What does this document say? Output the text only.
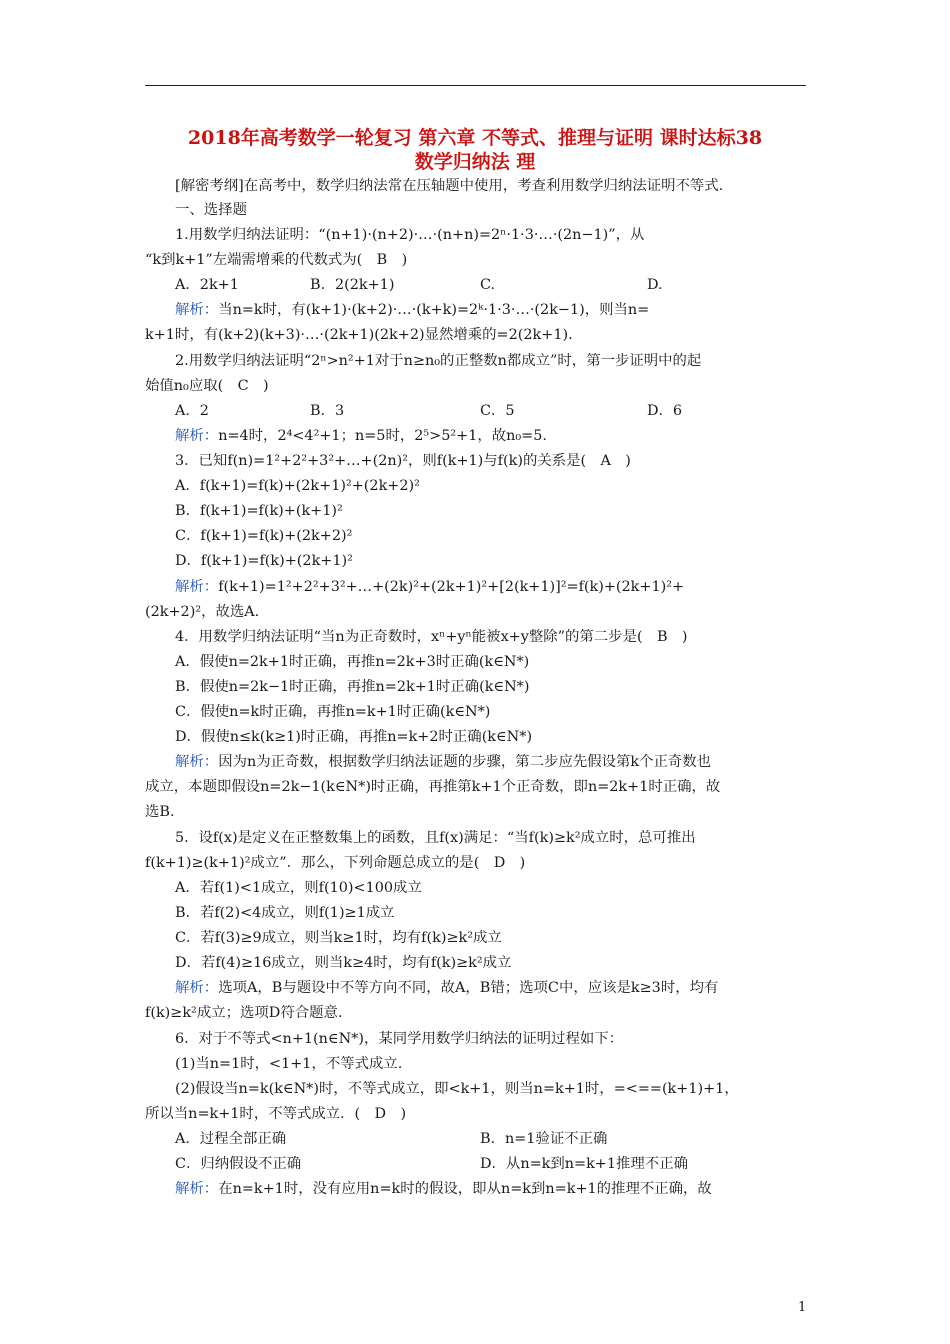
2018年高考数学一轮复习 第六章 不等式、推理与证明 课时达标38
数学归纳法 理
[解密考纲]在高考中，数学归纳法常在压轴题中使用，考查利用数学归纳法证明不等式.
一、选择题
1.用数学归纳法证明：“(n+1)·(n+2)·…·(n+n)=2ⁿ·1·3·…·(2n−1)”，从
“k到k+1”左端需增乘的代数式为(　B　)
A．2k+1	B．2(2k+1)	C.	D.
解析：当n=k时，有(k+1)·(k+2)·…·(k+k)=2ᵏ·1·3·…·(2k−1)，则当n=
k+1时，有(k+2)(k+3)·…·(2k+1)(2k+2)显然增乘的=2(2k+1).
2.用数学归纳法证明“2ⁿ>n²+1对于n≥n₀的正整数n都成立”时，第一步证明中的起
始值n₀应取(　C　)
A．2	B．3	C．5	D．6
解析：n=4时，2⁴<4²+1；n=5时，2⁵>5²+1，故n₀=5.
3．已知f(n)=1²+2²+3²+…+(2n)²，则f(k+1)与f(k)的关系是(　A　)
A．f(k+1)=f(k)+(2k+1)²+(2k+2)²
B．f(k+1)=f(k)+(k+1)²
C．f(k+1)=f(k)+(2k+2)²
D．f(k+1)=f(k)+(2k+1)²
解析：f(k+1)=1²+2²+3²+…+(2k)²+(2k+1)²+[2(k+1)]²=f(k)+(2k+1)²+
(2k+2)²，故选A.
4．用数学归纳法证明“当n为正奇数时，xⁿ+yⁿ能被x+y整除”的第二步是(　B　)
A．假使n=2k+1时正确，再推n=2k+3时正确(k∈N*)
B．假使n=2k−1时正确，再推n=2k+1时正确(k∈N*)
C．假使n=k时正确，再推n=k+1时正确(k∈N*)
D．假使n≤k(k≥1)时正确，再推n=k+2时正确(k∈N*)
解析：因为n为正奇数，根据数学归纳法证题的步骤，第二步应先假设第k个正奇数也
成立，本题即假设n=2k−1(k∈N*)时正确，再推第k+1个正奇数，即n=2k+1时正确，故
选B.
5．设f(x)是定义在正整数集上的函数，且f(x)满足：“当f(k)≥k²成立时，总可推出
f(k+1)≥(k+1)²成立”．那么，下列命题总成立的是(　D　)
A．若f(1)<1成立，则f(10)<100成立
B．若f(2)<4成立，则f(1)≥1成立
C．若f(3)≥9成立，则当k≥1时，均有f(k)≥k²成立
D．若f(4)≥16成立，则当k≥4时，均有f(k)≥k²成立
解析：选项A，B与题设中不等方向不同，故A，B错；选项C中，应该是k≥3时，均有
f(k)≥k²成立；选项D符合题意.
6．对于不等式<n+1(n∈N*)，某同学用数学归纳法的证明过程如下：
(1)当n=1时，<1+1，不等式成立.
(2)假设当n=k(k∈N*)时，不等式成立，即<k+1，则当n=k+1时，=<==(k+1)+1，
所以当n=k+1时，不等式成立．(　D　)
A．过程全部正确	B．n=1验证不正确
C．归纳假设不正确	D．从n=k到n=k+1推理不正确
解析：在n=k+1时，没有应用n=k时的假设，即从n=k到n=k+1的推理不正确，故
1
